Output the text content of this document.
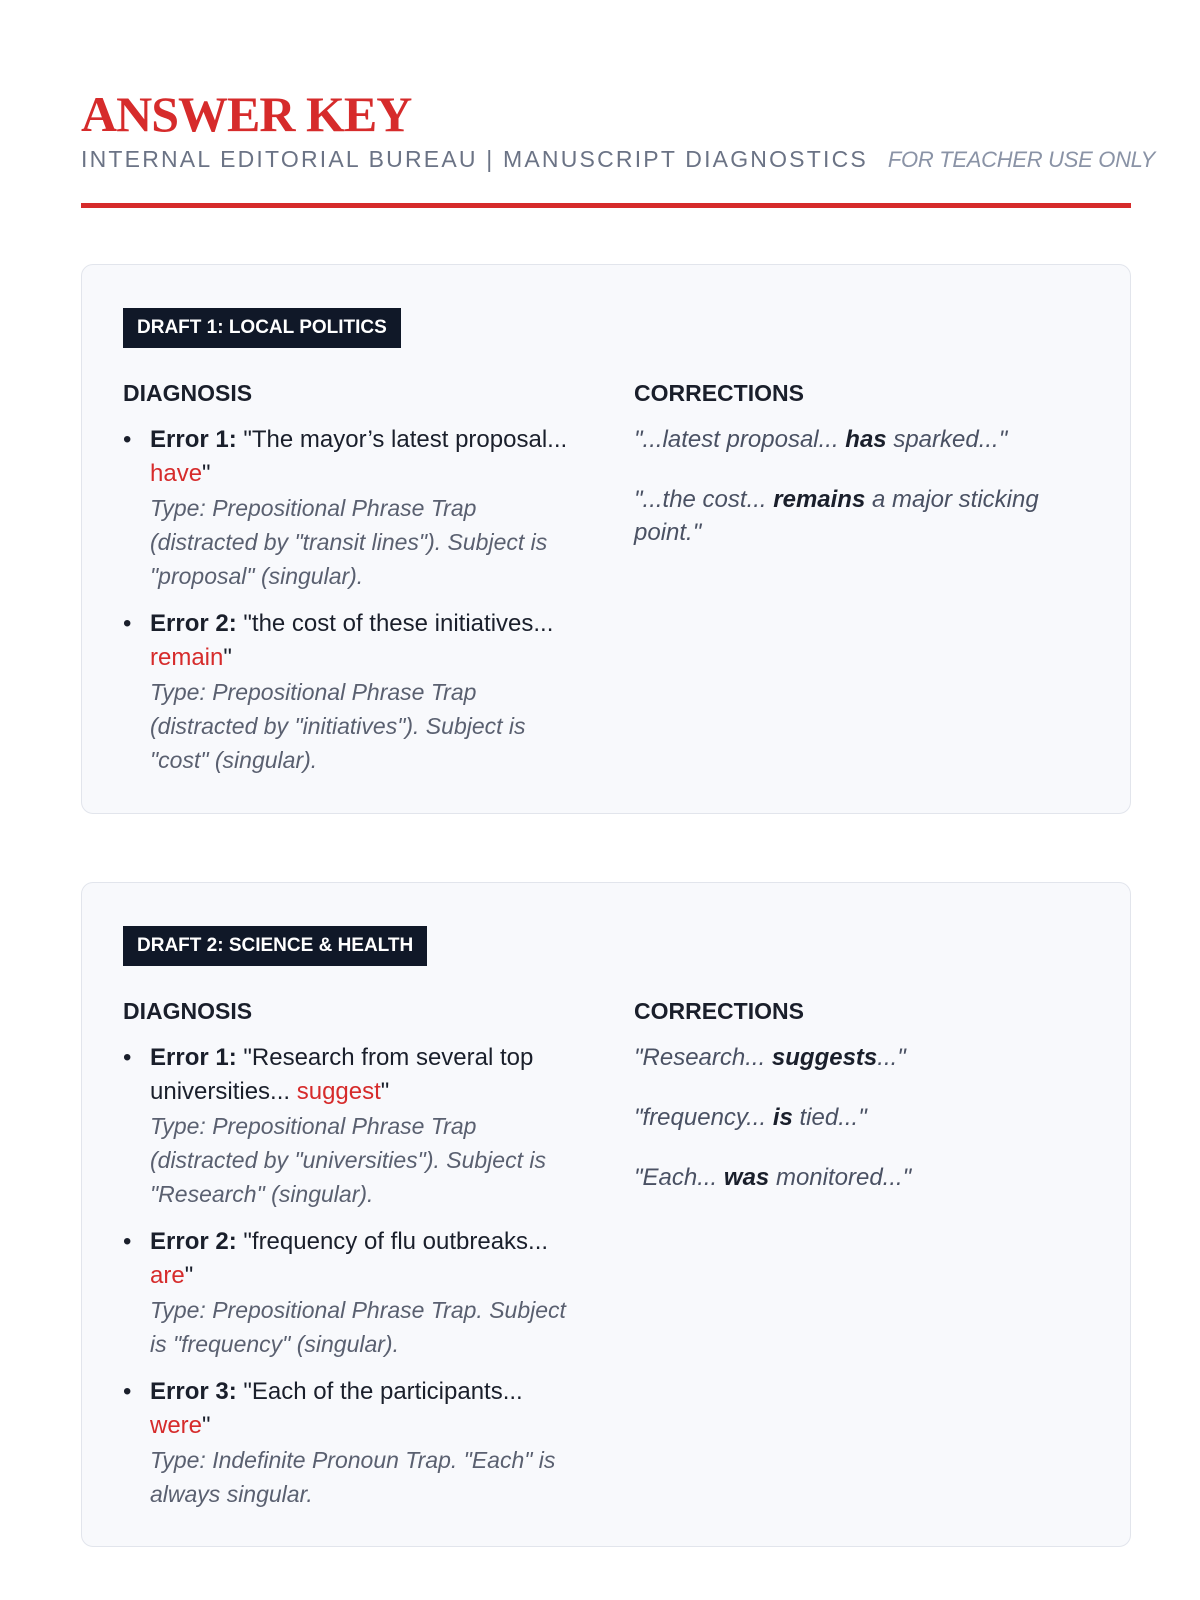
ANSWER KEY
INTERNAL EDITORIAL BUREAU | MANUSCRIPT DIAGNOSTICS FOR TEACHER USE ONLY
DRAFT 1: LOCAL POLITICS
DIAGNOSIS
• Error 1: "The mayor’s latest proposal... have"
Type: Prepositional Phrase Trap (distracted by "transit lines"). Subject is "proposal" (singular).
• Error 2: "the cost of these initiatives... remain"
Type: Prepositional Phrase Trap (distracted by "initiatives"). Subject is "cost" (singular).
CORRECTIONS
"...latest proposal... has sparked..."
"...the cost... remains a major sticking point."
DRAFT 2: SCIENCE & HEALTH
DIAGNOSIS
• Error 1: "Research from several top universities... suggest"
Type: Prepositional Phrase Trap (distracted by "universities"). Subject is "Research" (singular).
• Error 2: "frequency of flu outbreaks... are"
Type: Prepositional Phrase Trap. Subject is "frequency" (singular).
• Error 3: "Each of the participants... were"
Type: Indefinite Pronoun Trap. "Each" is always singular.
CORRECTIONS
"Research... suggests..."
"frequency... is tied..."
"Each... was monitored..."
